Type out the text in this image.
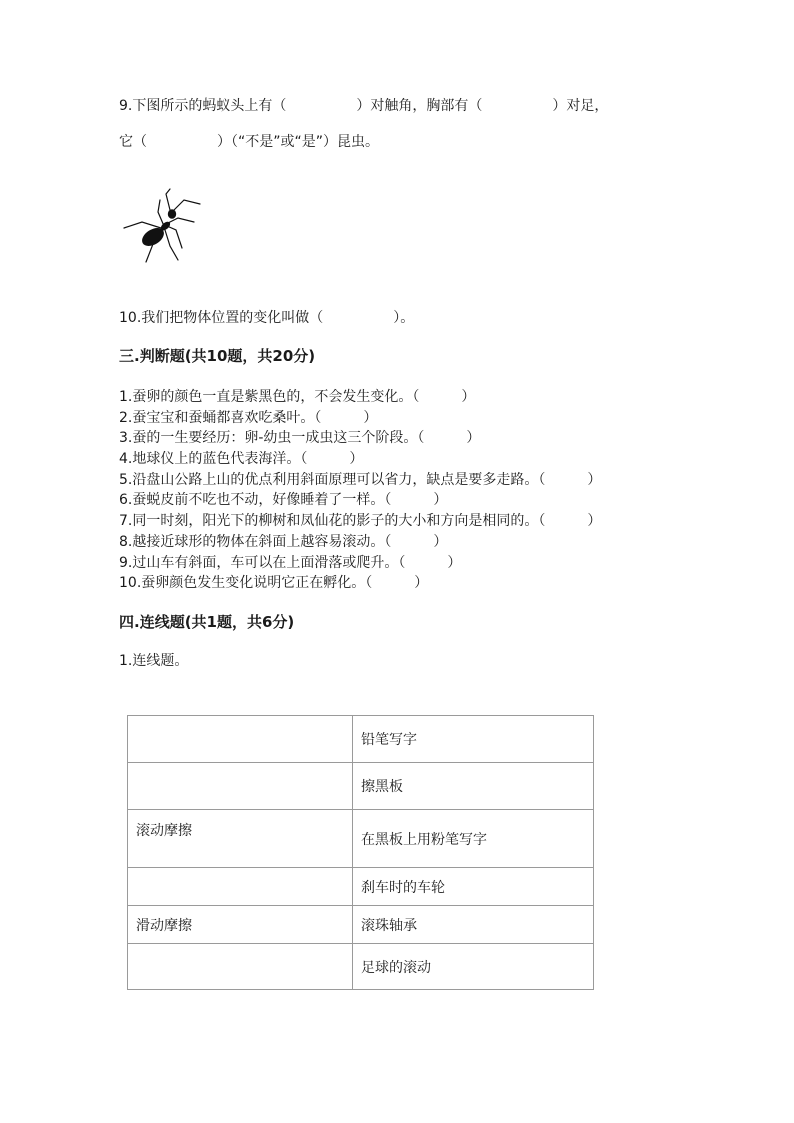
9.下图所示的蚂蚁头上有（　　　　　）对触角，胸部有（　　　　　）对足，
它（　　　　　）（“不是”或“是”）昆虫。
10.我们把物体位置的变化叫做（　　　　　）。
三.判断题(共10题，共20分)
1.蚕卵的颜色一直是紫黑色的，不会发生变化。（　　　）
2.蚕宝宝和蚕蛹都喜欢吃桑叶。（　　　）
3.蚕的一生要经历：卵-幼虫一成虫这三个阶段。（　　　）
4.地球仪上的蓝色代表海洋。（　　　）
5.沿盘山公路上山的优点利用斜面原理可以省力，缺点是要多走路。（　　　）
6.蚕蜕皮前不吃也不动，好像睡着了一样。（　　　）
7.同一时刻，阳光下的柳树和凤仙花的影子的大小和方向是相同的。（　　　）
8.越接近球形的物体在斜面上越容易滚动。（　　　）
9.过山车有斜面，车可以在上面滑落或爬升。（　　　）
10.蚕卵颜色发生变化说明它正在孵化。（　　　）
四.连线题(共1题，共6分)
1.连线题。
	铅笔写字
	擦黑板
滚动摩擦	在黑板上用粉笔写字
	刹车时的车轮
滑动摩擦	滚珠轴承
	足球的滚动
